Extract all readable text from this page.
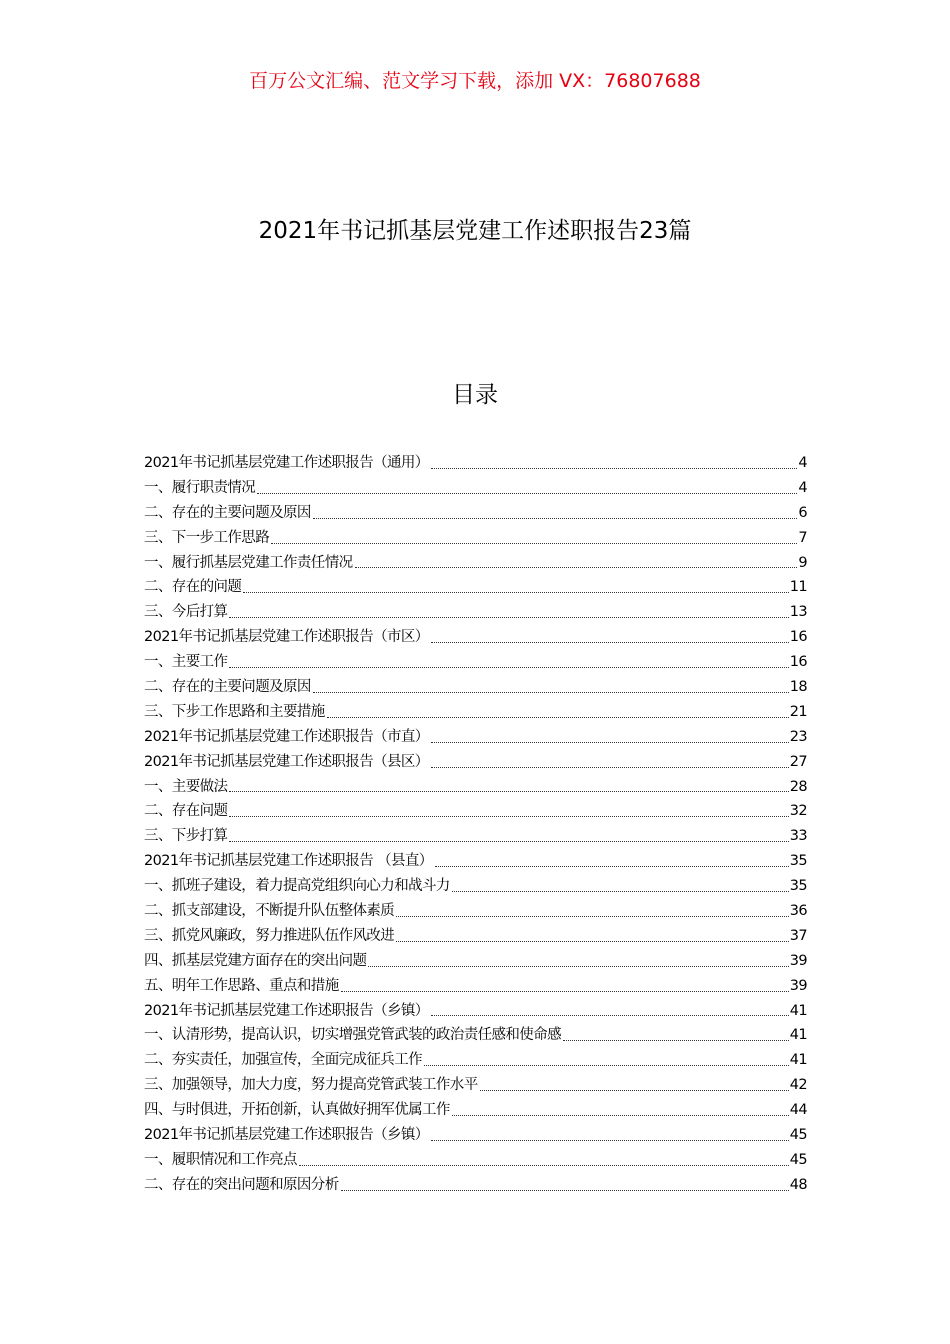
百万公文汇编、范文学习下载，添加 VX：76807688
2021年书记抓基层党建工作述职报告23篇
目录
2021年书记抓基层党建工作述职报告（通用）	4
一、履行职责情况	4
二、存在的主要问题及原因	6
三、下一步工作思路	7
一、履行抓基层党建工作责任情况	9
二、存在的问题	11
三、今后打算	13
2021年书记抓基层党建工作述职报告（市区）	16
一、主要工作	16
二、存在的主要问题及原因	18
三、下步工作思路和主要措施	21
2021年书记抓基层党建工作述职报告（市直）	23
2021年书记抓基层党建工作述职报告（县区）	27
一、主要做法	28
二、存在问题	32
三、下步打算	33
2021年书记抓基层党建工作述职报告 （县直）	35
一、抓班子建设，着力提高党组织向心力和战斗力	35
二、抓支部建设，不断提升队伍整体素质	36
三、抓党风廉政，努力推进队伍作风改进	37
四、抓基层党建方面存在的突出问题	39
五、明年工作思路、重点和措施	39
2021年书记抓基层党建工作述职报告（乡镇）	41
一、认清形势，提高认识，切实增强党管武装的政治责任感和使命感	41
二、夯实责任，加强宣传，全面完成征兵工作	41
三、加强领导，加大力度，努力提高党管武装工作水平	42
四、与时俱进，开拓创新，认真做好拥军优属工作	44
2021年书记抓基层党建工作述职报告（乡镇）	45
一、履职情况和工作亮点	45
二、存在的突出问题和原因分析	48
